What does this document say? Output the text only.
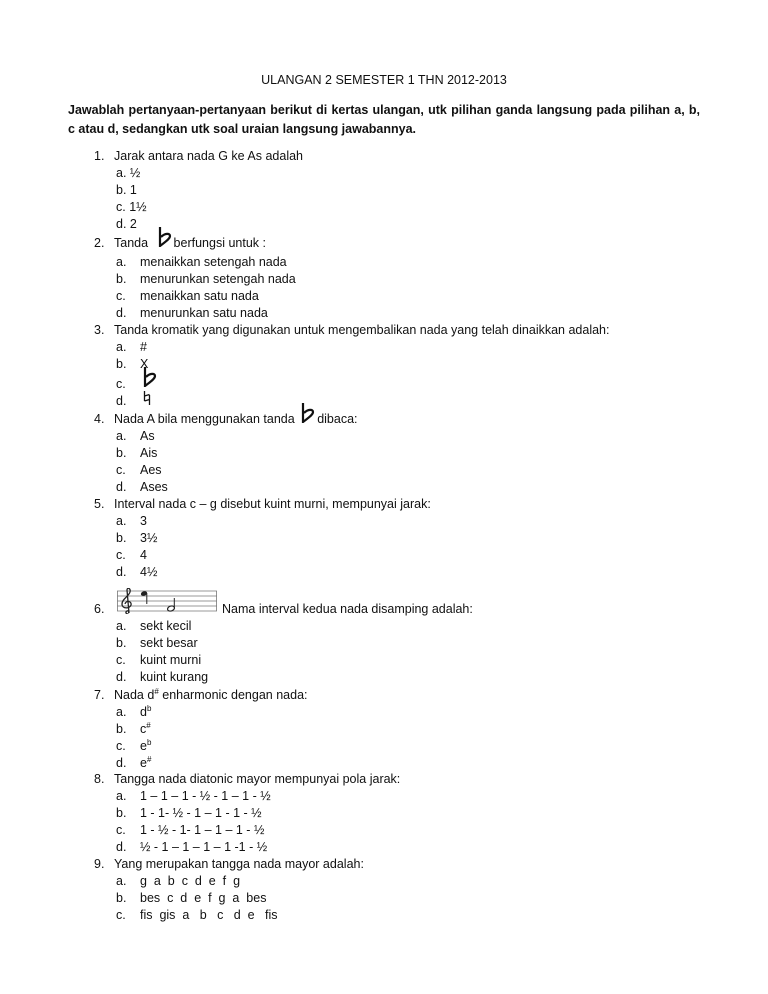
ULANGAN 2 SEMESTER 1 THN 2012-2013
Jawablah pertanyaan-pertanyaan berikut di kertas ulangan, utk pilihan ganda langsung pada pilihan a, b, c atau d, sedangkan utk soal uraian langsung jawabannya.
1. Jarak antara nada G ke As adalah
a. ½
b. 1
c. 1½
d. 2
2. Tanda berfungsi untuk :
a. menaikkan setengah nada
b. menurunkan setengah nada
c. menaikkan satu nada
d. menurunkan satu nada
3. Tanda kromatik yang digunakan untuk mengembalikan nada yang telah dinaikkan adalah:
a. #
b. X
c.
d.
4. Nada A bila menggunakan tanda dibaca:
a. As
b. Ais
c. Aes
d. Ases
5. Interval nada c – g disebut kuint murni, mempunyai jarak:
a. 3
b. 3½
c. 4
d. 4½
6.	Nama interval kedua nada disamping adalah:
a. sekt kecil
b. sekt besar
c. kuint murni
d. kuint kurang
7. Nada d# enharmonic dengan nada:
a. $d^b$
b. c#
c. $e^b$
d. e#
8. Tangga nada diatonic mayor mempunyai pola jarak:
a. 1 – 1 – 1 - ½ - 1 – 1 - ½
b. 1 - 1- ½ - 1 – 1 - 1 - ½
c. 1 - ½ - 1- 1 – 1 – 1 - ½
d. ½ - 1 – 1 – 1 – 1 -1 - ½
9. Yang merupakan tangga nada mayor adalah:
a. g  a  b  c  d  e  f  g
b. bes  c  d  e  f  g  a  bes
c. fis  gis  a   b   c   d  e   fis
